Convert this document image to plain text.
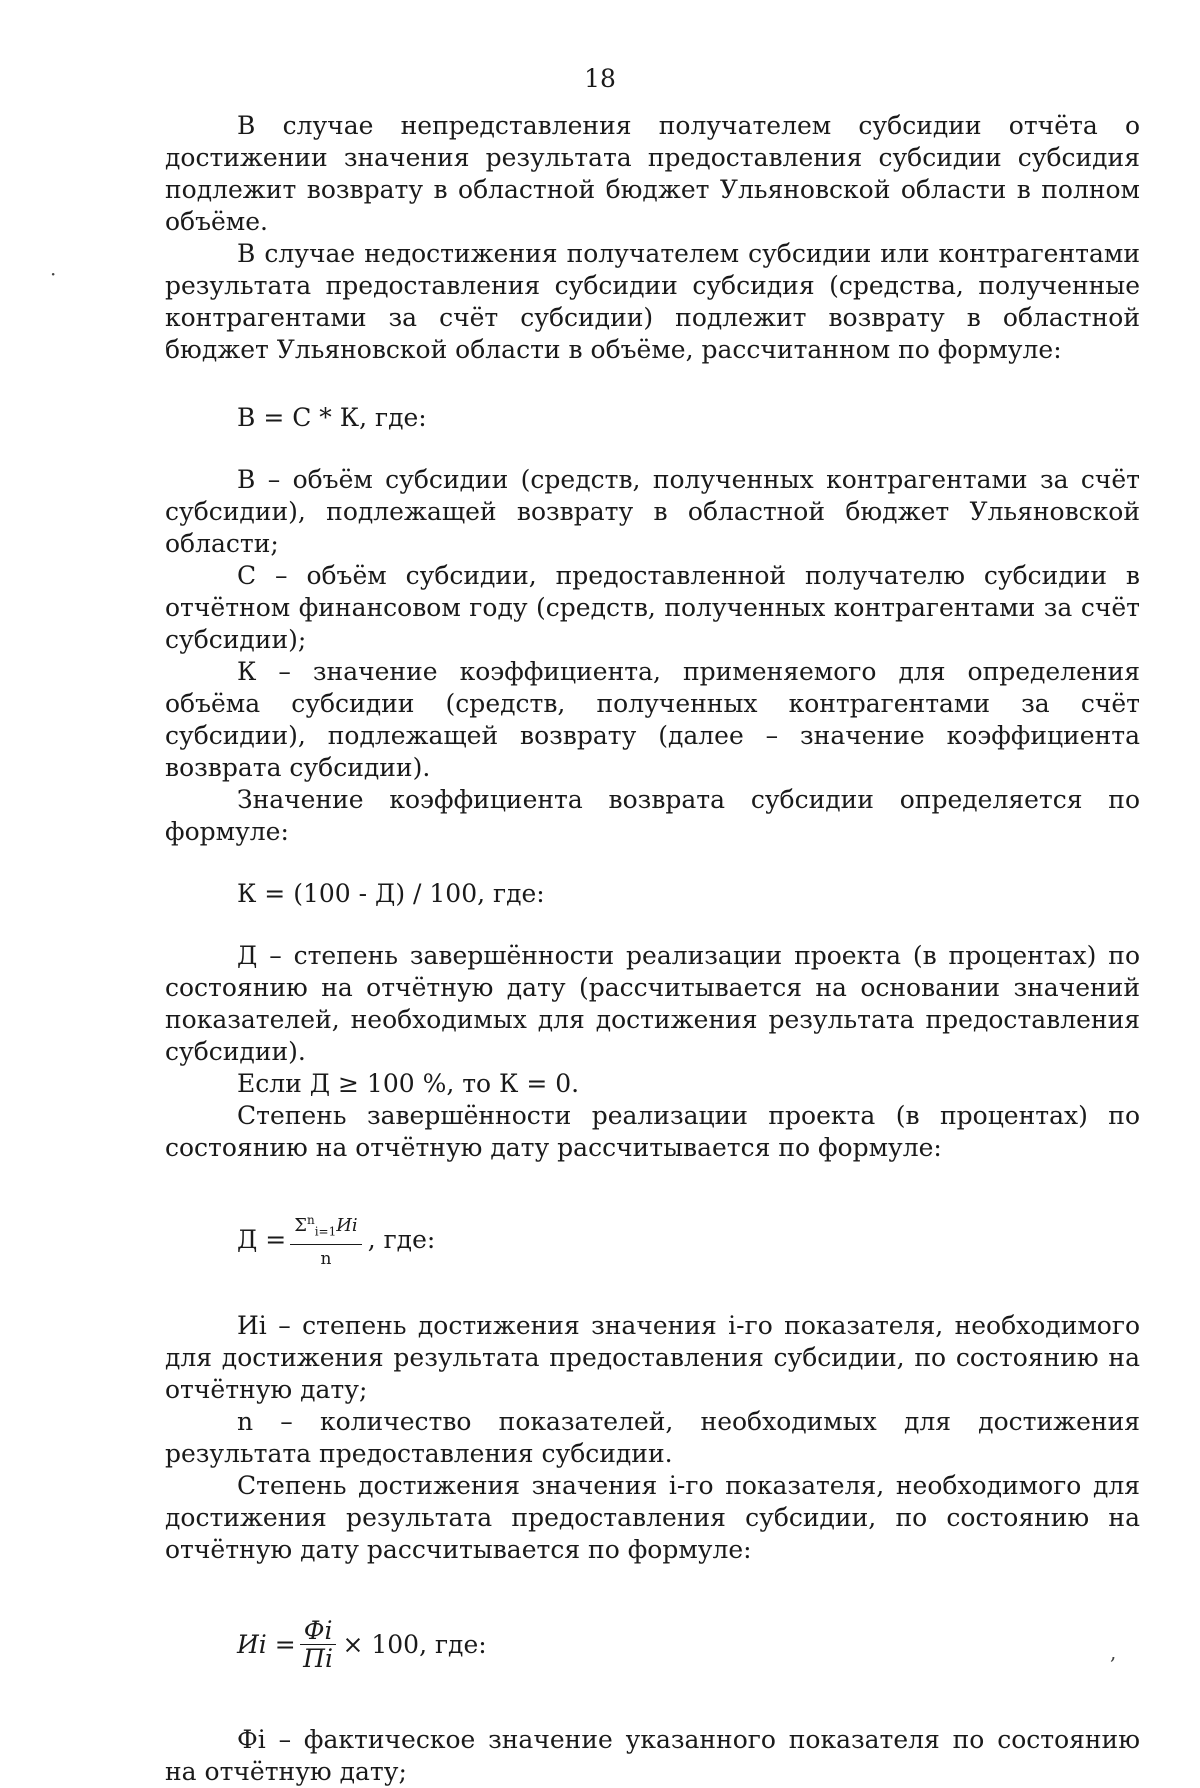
18

В случае непредставления получателем субсидии отчёта о достижении значения результата предоставления субсидии субсидия подлежит возврату в областной бюджет Ульяновской области в полном объёме.

В случае недостижения получателем субсидии или контрагентами результата предоставления субсидии субсидия (средства, полученные контрагентами за счёт субсидии) подлежит возврату в областной бюджет Ульяновской области в объёме, рассчитанном по формуле:

В = С * К, где:

В – объём субсидии (средств, полученных контрагентами за счёт субсидии), подлежащей возврату в областной бюджет Ульяновской области;

С – объём субсидии, предоставленной получателю субсидии в отчётном финансовом году (средств, полученных контрагентами за счёт субсидии);

К – значение коэффициента, применяемого для определения объёма субсидии (средств, полученных контрагентами за счёт субсидии), подлежащей возврату (далее – значение коэффициента возврата субсидии).

Значение коэффициента возврата субсидии определяется по формуле:

К = (100 - Д) / 100, где:

Д – степень завершённости реализации проекта (в процентах) по состоянию на отчётную дату (рассчитывается на основании значений показателей, необходимых для достижения результата предоставления субсидии).

Если Д ≥ 100 %, то К = 0.

Степень завершённости реализации проекта (в процентах) по состоянию на отчётную дату рассчитывается по формуле:

$Д = \frac{\Sigma^n_{i=1}Иi}{n}$ , где:

Иi – степень достижения значения i-го показателя, необходимого для достижения результата предоставления субсидии, по состоянию на отчётную дату;

n – количество показателей, необходимых для достижения результата предоставления субсидии.

Степень достижения значения i-го показателя, необходимого для достижения результата предоставления субсидии, по состоянию на отчётную дату рассчитывается по формуле:

Иi = $\frac{Фi}{Пi} \times 100$, где:

Фi – фактическое значение указанного показателя по состоянию на отчётную дату;

·
,
